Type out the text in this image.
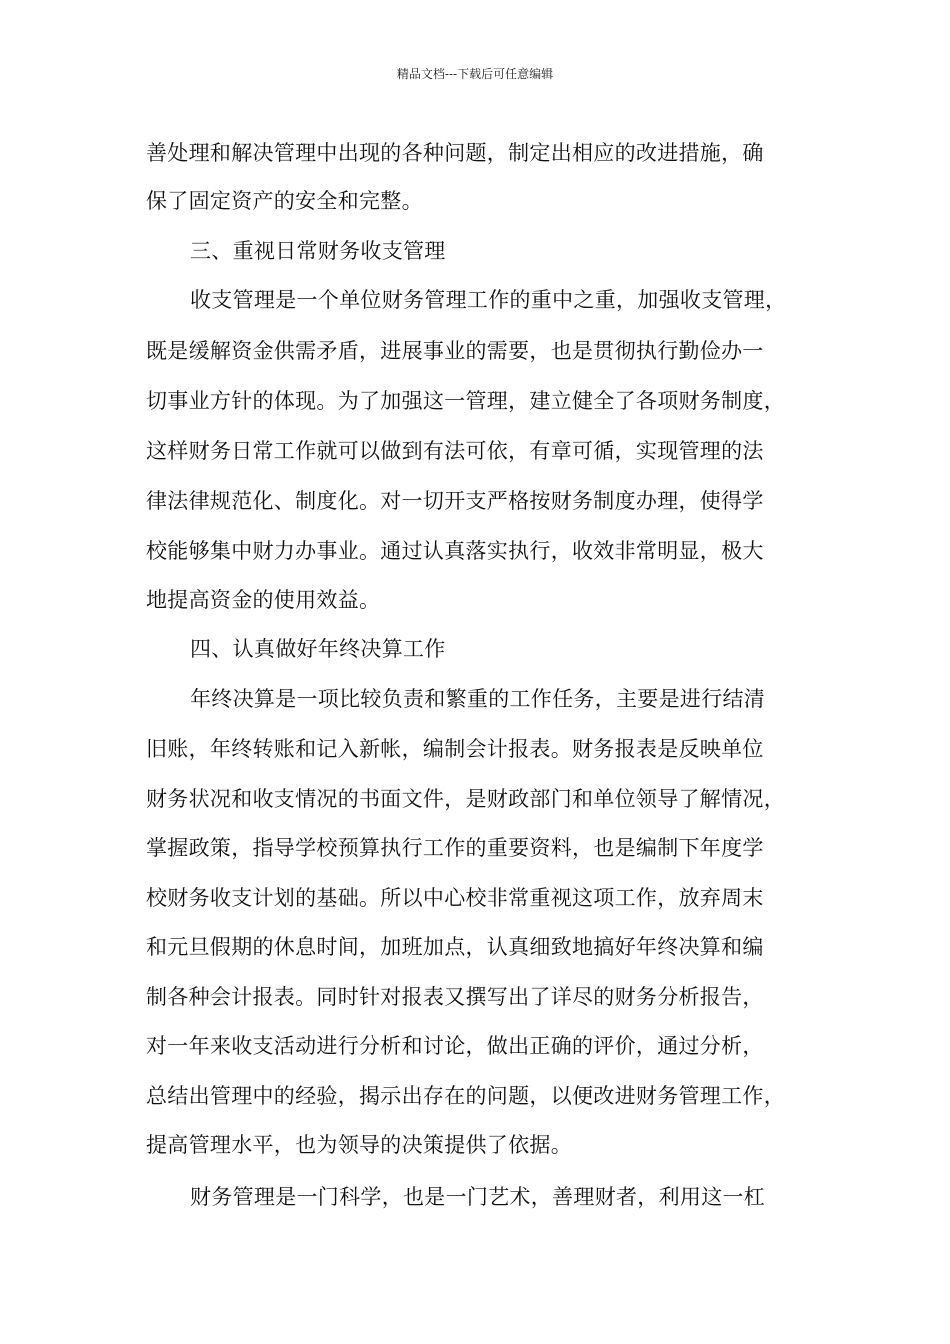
精品文档---下载后可任意编辑
善处理和解决管理中出现的各种问题，制定出相应的改进措施，确
保了固定资产的安全和完整。
三、重视日常财务收支管理
收支管理是一个单位财务管理工作的重中之重，加强收支管理，
既是缓解资金供需矛盾，进展事业的需要，也是贯彻执行勤俭办一
切事业方针的体现。为了加强这一管理，建立健全了各项财务制度，
这样财务日常工作就可以做到有法可依，有章可循，实现管理的法
律法律规范化、制度化。对一切开支严格按财务制度办理，使得学
校能够集中财力办事业。通过认真落实执行，收效非常明显，极大
地提高资金的使用效益。
四、认真做好年终决算工作
年终决算是一项比较负责和繁重的工作任务，主要是进行结清
旧账，年终转账和记入新帐，编制会计报表。财务报表是反映单位
财务状况和收支情况的书面文件，是财政部门和单位领导了解情况，
掌握政策，指导学校预算执行工作的重要资料，也是编制下年度学
校财务收支计划的基础。所以中心校非常重视这项工作，放弃周末
和元旦假期的休息时间，加班加点，认真细致地搞好年终决算和编
制各种会计报表。同时针对报表又撰写出了详尽的财务分析报告，
对一年来收支活动进行分析和讨论，做出正确的评价，通过分析，
总结出管理中的经验，揭示出存在的问题，以便改进财务管理工作，
提高管理水平，也为领导的决策提供了依据。
财务管理是一门科学，也是一门艺术，善理财者，利用这一杠
